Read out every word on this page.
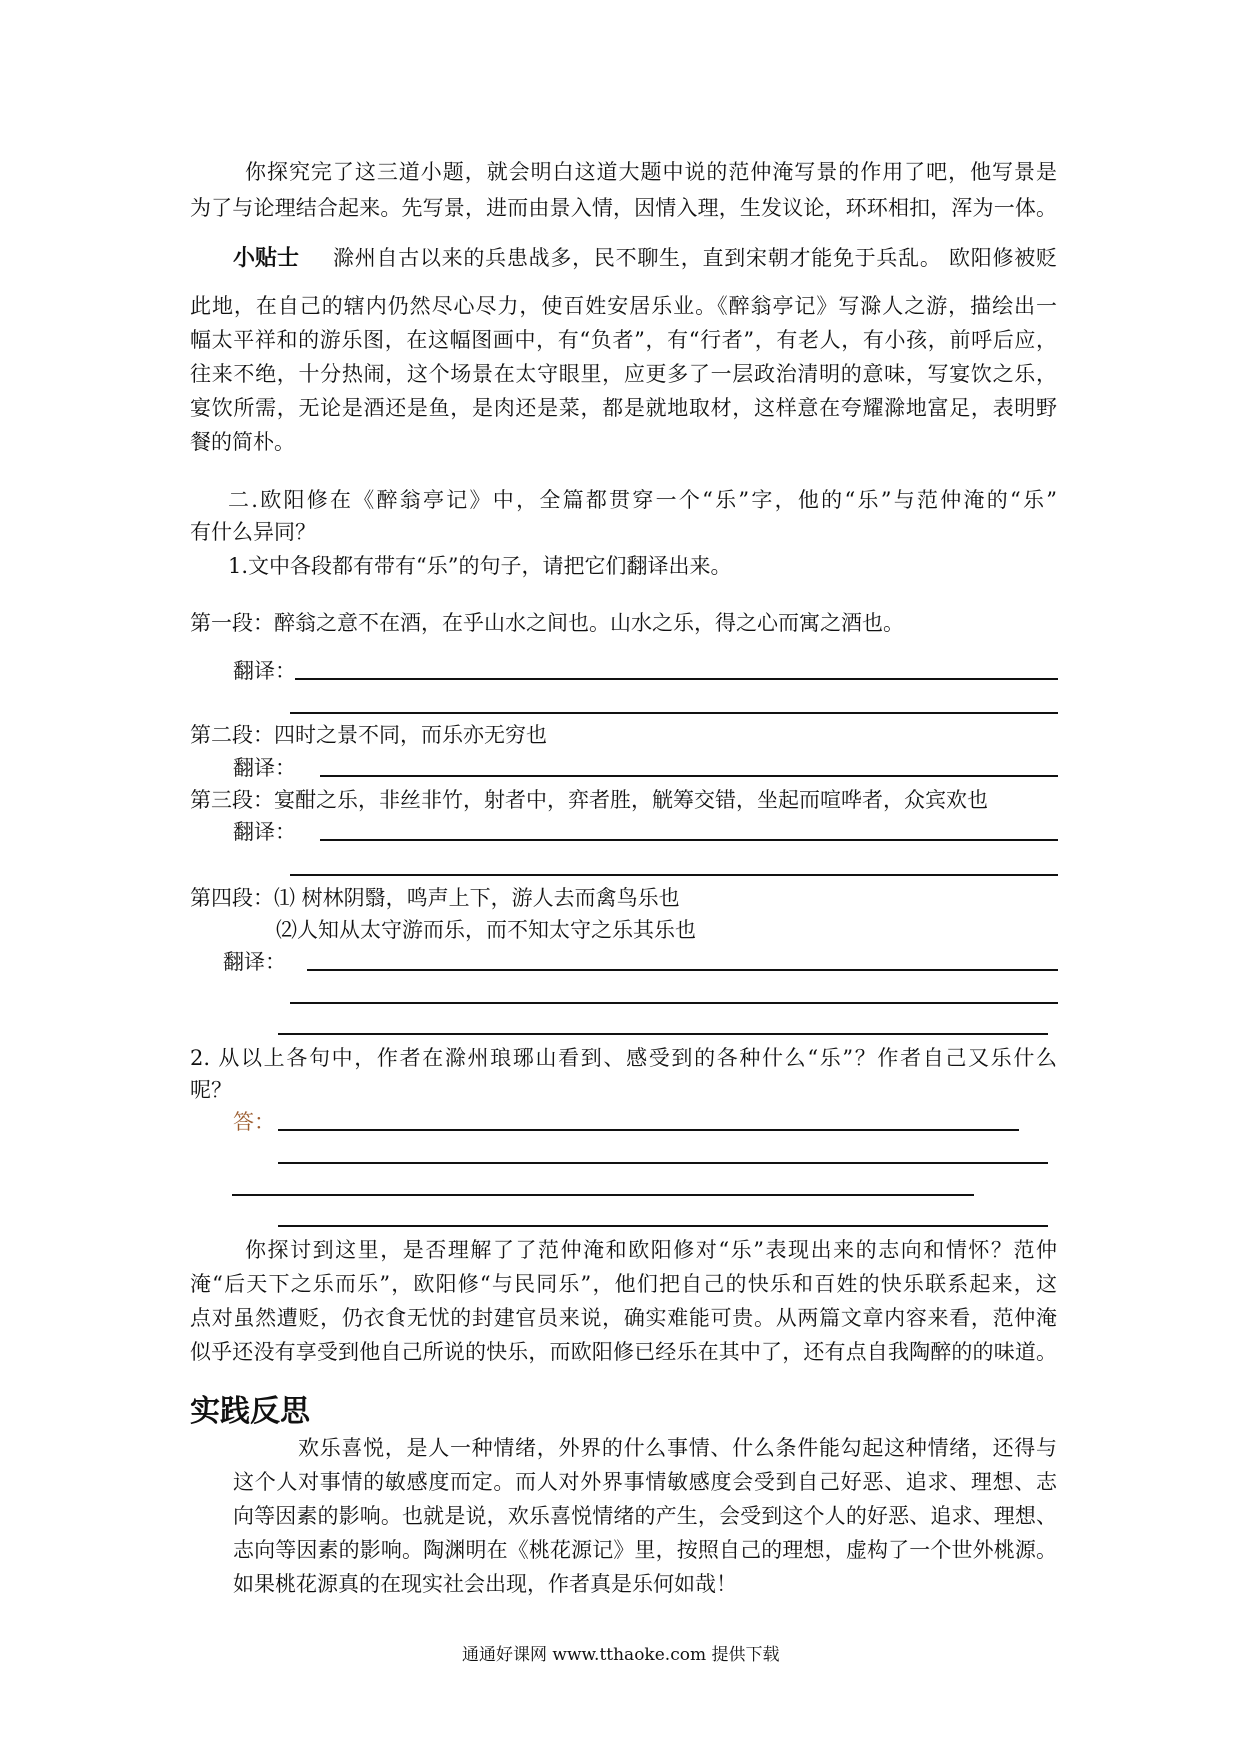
你探究完了这三道小题，就会明白这道大题中说的范仲淹写景的作用了吧，他写景是
为了与论理结合起来。先写景，进而由景入情，因情入理，生发议论，环环相扣，浑为一体。
小贴士 滁州自古以来的兵患战多，民不聊生，直到宋朝才能免于兵乱。 欧阳修被贬
此地，在自己的辖内仍然尽心尽力，使百姓安居乐业。《醉翁亭记》写滁人之游，描绘出一
幅太平祥和的游乐图，在这幅图画中，有“负者”，有“行者”，有老人，有小孩，前呼后应，
往来不绝，十分热闹，这个场景在太守眼里，应更多了一层政治清明的意味，写宴饮之乐，
宴饮所需，无论是酒还是鱼，是肉还是菜，都是就地取材，这样意在夸耀滁地富足，表明野
餐的简朴。
二.欧阳修在《醉翁亭记》中，全篇都贯穿一个“乐”字，他的“乐”与范仲淹的“乐”
有什么异同？
1.文中各段都有带有“乐”的句子，请把它们翻译出来。
第一段：醉翁之意不在酒，在乎山水之间也。山水之乐，得之心而寓之酒也。
翻译：
第二段：四时之景不同，而乐亦无穷也
翻译：
第三段：宴酣之乐，非丝非竹，射者中，弈者胜，觥筹交错，坐起而喧哗者，众宾欢也
翻译：
第四段：⑴ 树林阴翳，鸣声上下，游人去而禽鸟乐也
⑵人知从太守游而乐，而不知太守之乐其乐也
翻译：
2. 从以上各句中，作者在滁州琅琊山看到、感受到的各种什么“乐”？作者自己又乐什么
呢？
答：
你探讨到这里，是否理解了了范仲淹和欧阳修对“乐”表现出来的志向和情怀？范仲
淹“后天下之乐而乐”，欧阳修“与民同乐”，他们把自己的快乐和百姓的快乐联系起来，这
点对虽然遭贬，仍衣食无忧的封建官员来说，确实难能可贵。从两篇文章内容来看，范仲淹
似乎还没有享受到他自己所说的快乐，而欧阳修已经乐在其中了，还有点自我陶醉的的味道。
实践反思
欢乐喜悦，是人一种情绪，外界的什么事情、什么条件能勾起这种情绪，还得与
这个人对事情的敏感度而定。而人对外界事情敏感度会受到自己好恶、追求、理想、志
向等因素的影响。也就是说，欢乐喜悦情绪的产生，会受到这个人的好恶、追求、理想、
志向等因素的影响。陶渊明在《桃花源记》里，按照自己的理想，虚构了一个世外桃源。
如果桃花源真的在现实社会出现，作者真是乐何如哉！
通通好课网 www.tthaoke.com 提供下载
